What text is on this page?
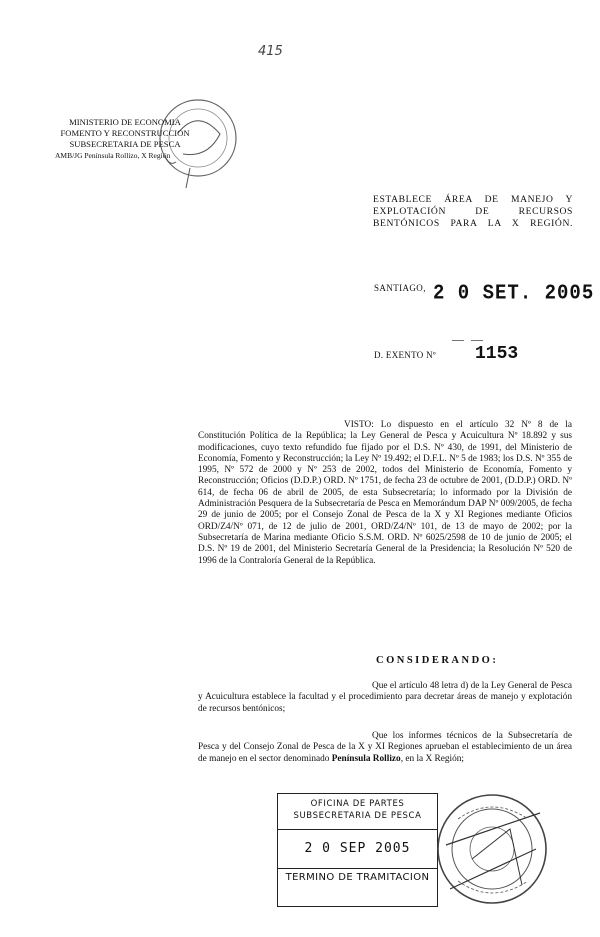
415
MINISTERIO DE ECONOMIA
FOMENTO Y RECONSTRUCCION
SUBSECRETARIA DE PESCA
AMB/JG Península Rollizo, X Región
ESTABLECE ÁREA DE MANEJO Y EXPLOTACIÓN DE RECURSOS BENTÓNICOS PARA LA X REGIÓN.
SANTIAGO, 2 0 SET. 2005
— —
D. EXENTO Nº 1153
VISTO: Lo dispuesto en el artículo 32 Nº 8 de la Constitución Política de la República; la Ley General de Pesca y Acuicultura Nº 18.892 y sus modificaciones, cuyo texto refundido fue fijado por el D.S. Nº 430, de 1991, del Ministerio de Economía, Fomento y Reconstrucción; la Ley Nº 19.492; el D.F.L. Nº 5 de 1983; los D.S. Nº 355 de 1995, Nº 572 de 2000 y Nº 253 de 2002, todos del Ministerio de Economía, Fomento y Reconstrucción; Oficios (D.D.P.) ORD. Nº 1751, de fecha 23 de octubre de 2001, (D.D.P.) ORD. Nº 614, de fecha 06 de abril de 2005, de esta Subsecretaría; lo informado por la División de Administración Pesquera de la Subsecretaría de Pesca en Memorándum DAP Nº 009/2005, de fecha 29 de junio de 2005; por el Consejo Zonal de Pesca de la X y XI Regiones mediante Oficios ORD/Z4/Nº 071, de 12 de julio de 2001, ORD/Z4/Nº 101, de 13 de mayo de 2002; por la Subsecretaría de Marina mediante Oficio S.S.M. ORD. Nº 6025/2598 de 10 de junio de 2005; el D.S. Nº 19 de 2001, del Ministerio Secretaría General de la Presidencia; la Resolución Nº 520 de 1996 de la Contraloría General de la República.
CONSIDERANDO:
Que el artículo 48 letra d) de la Ley General de Pesca y Acuicultura establece la facultad y el procedimiento para decretar áreas de manejo y explotación de recursos bentónicos;
Que los informes técnicos de la Subsecretaría de Pesca y del Consejo Zonal de Pesca de la X y XI Regiones aprueban el establecimiento de un área de manejo en el sector denominado Península Rollizo, en la X Región;
OFICINA DE PARTES
SUBSECRETARIA DE PESCA
2 0 SEP 2005
TERMINO DE TRAMITACION
